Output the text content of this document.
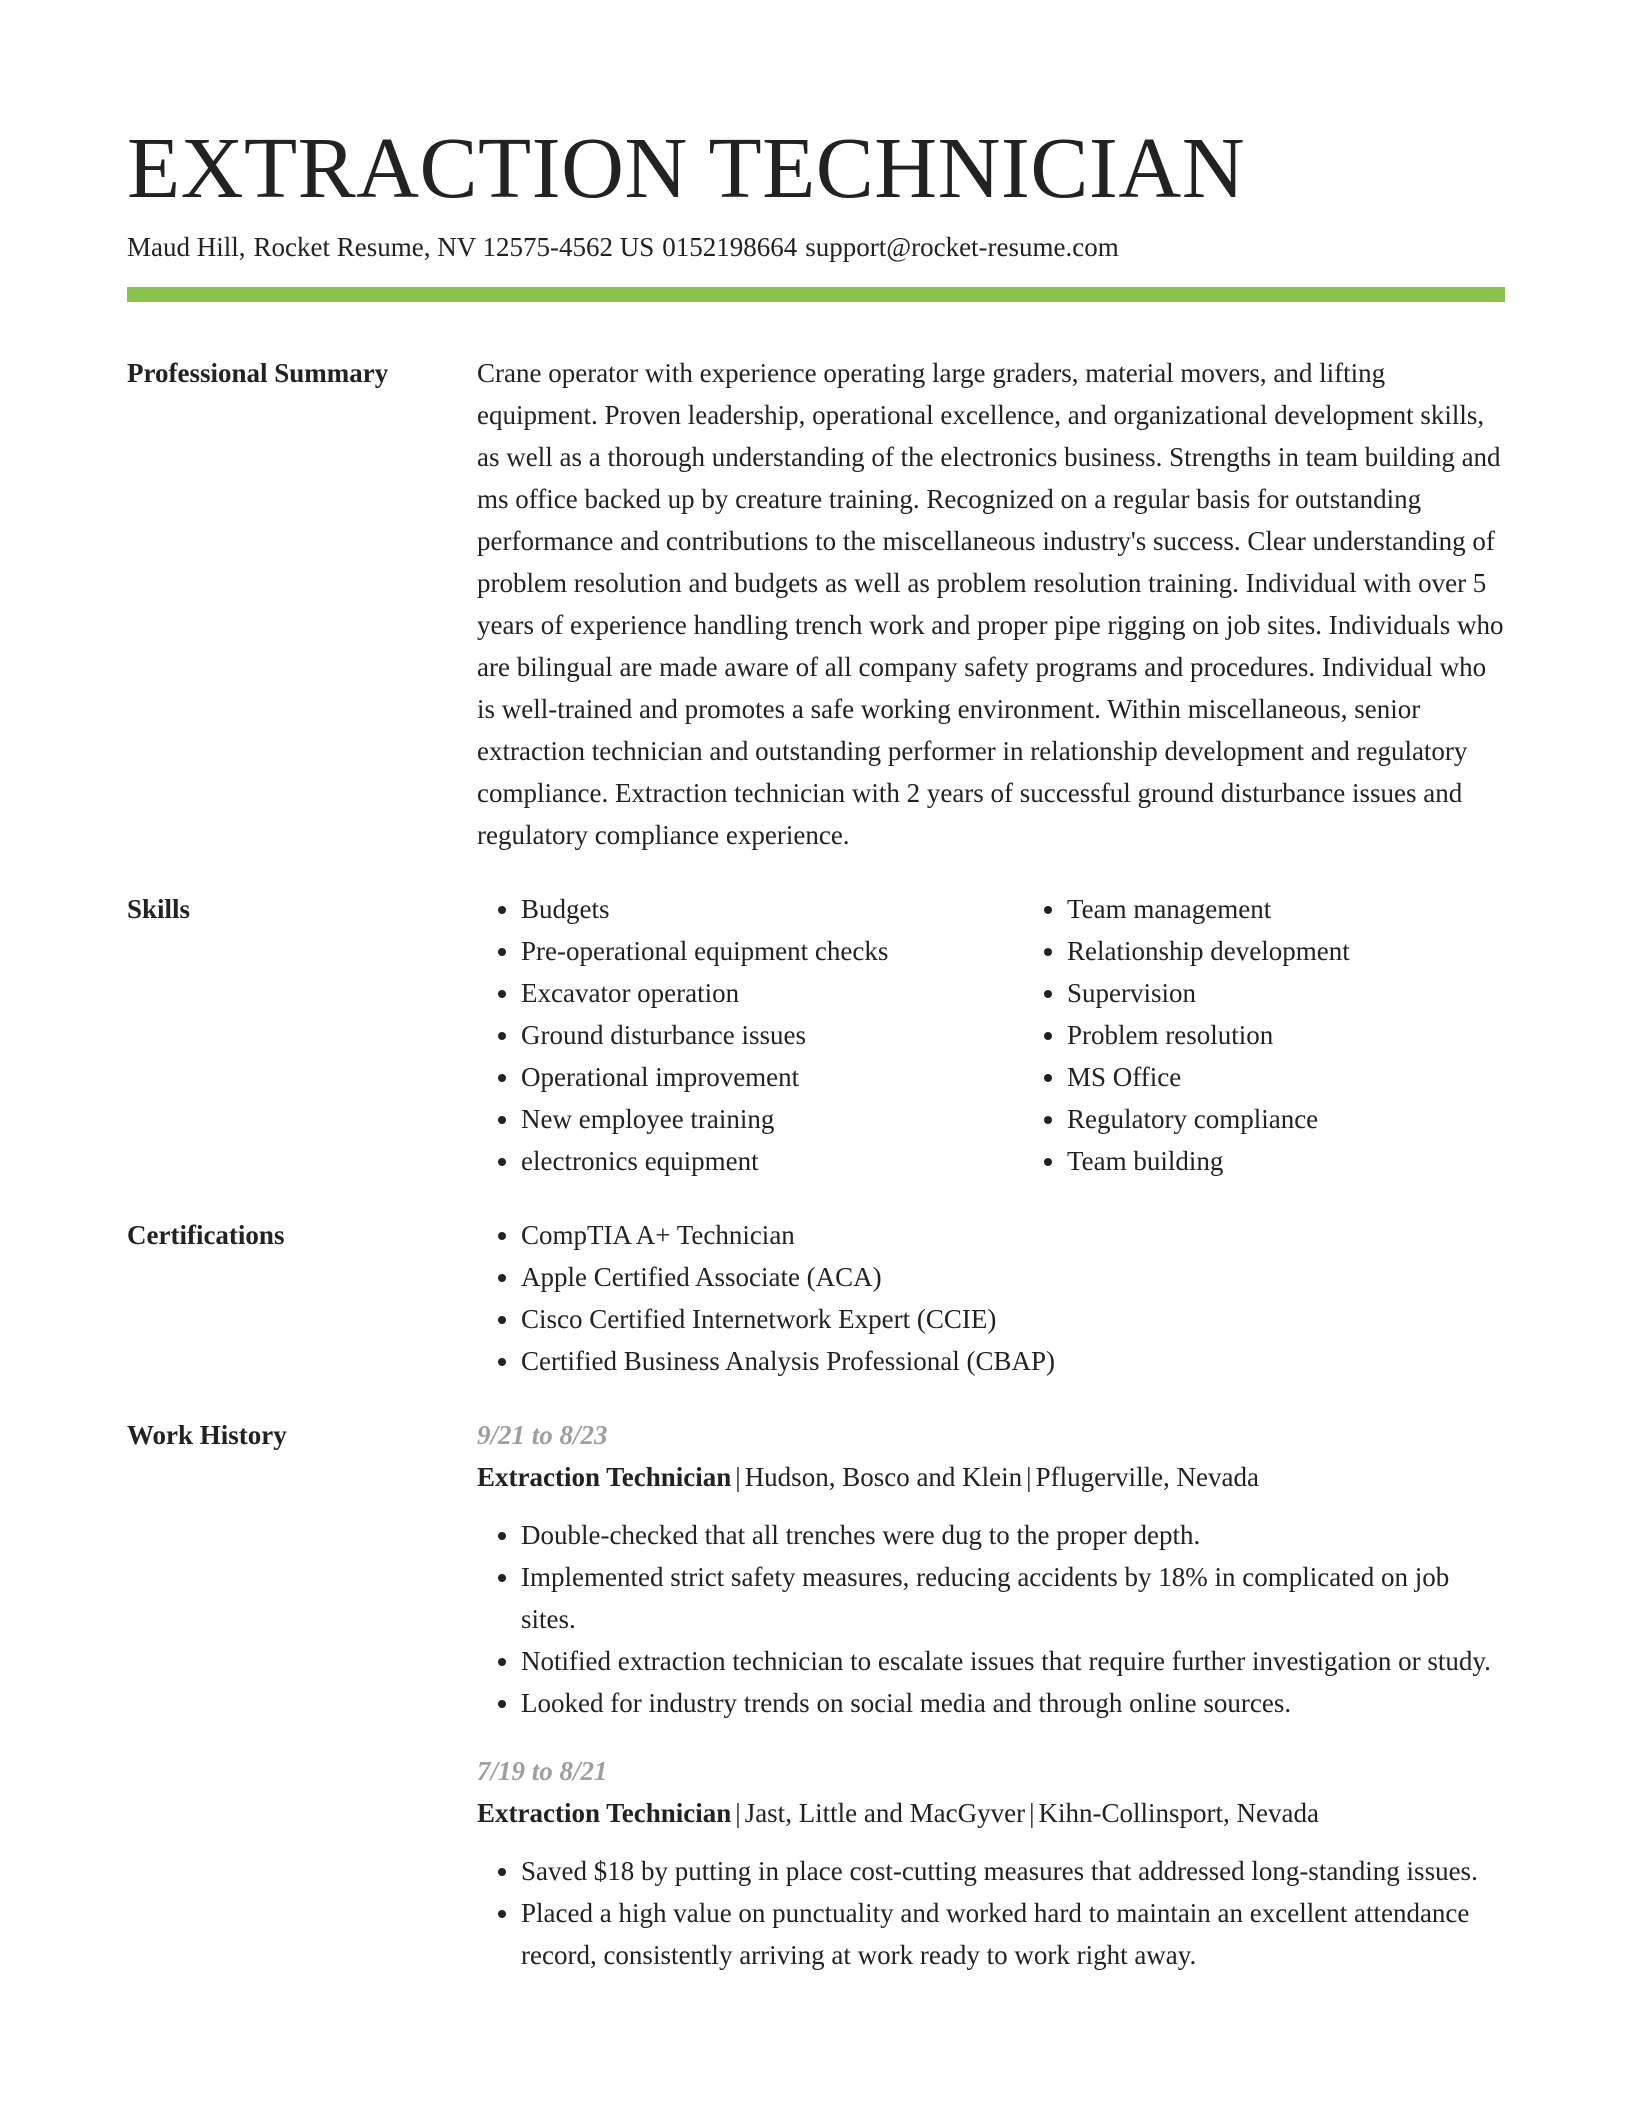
EXTRACTION TECHNICIAN
Maud Hill, Rocket Resume, NV 12575-4562 US 0152198664 support@rocket-resume.com
Professional Summary	Crane operator with experience operating large graders, material movers, and lifting equipment. Proven leadership, operational excellence, and organizational development skills, as well as a thorough understanding of the electronics business. Strengths in team building and ms office backed up by creature training. Recognized on a regular basis for outstanding performance and contributions to the miscellaneous industry's success. Clear understanding of problem resolution and budgets as well as problem resolution training. Individual with over 5 years of experience handling trench work and proper pipe rigging on job sites. Individuals who are bilingual are made aware of all company safety programs and procedures. Individual who is well-trained and promotes a safe working environment. Within miscellaneous, senior extraction technician and outstanding performer in relationship development and regulatory compliance. Extraction technician with 2 years of successful ground disturbance issues and regulatory compliance experience.

Skills	• Budgets
• Pre-operational equipment checks
• Excavator operation
• Ground disturbance issues
• Operational improvement
• New employee training
• electronics equipment
• Team management
• Relationship development
• Supervision
• Problem resolution
• MS Office
• Regulatory compliance
• Team building
Certifications	• CompTIA A+ Technician
• Apple Certified Associate (ACA)
• Cisco Certified Internetwork Expert (CCIE)
• Certified Business Analysis Professional (CBAP)
Work History	9/21 to 8/23
Extraction Technician | Hudson, Bosco and Klein | Pflugerville, Nevada
• Double-checked that all trenches were dug to the proper depth.
• Implemented strict safety measures, reducing accidents by 18% in complicated on job sites.
• Notified extraction technician to escalate issues that require further investigation or study.
• Looked for industry trends on social media and through online sources.
7/19 to 8/21
Extraction Technician | Jast, Little and MacGyver | Kihn-Collinsport, Nevada
• Saved $18 by putting in place cost-cutting measures that addressed long-standing issues.
• Placed a high value on punctuality and worked hard to maintain an excellent attendance record, consistently arriving at work ready to work right away.
